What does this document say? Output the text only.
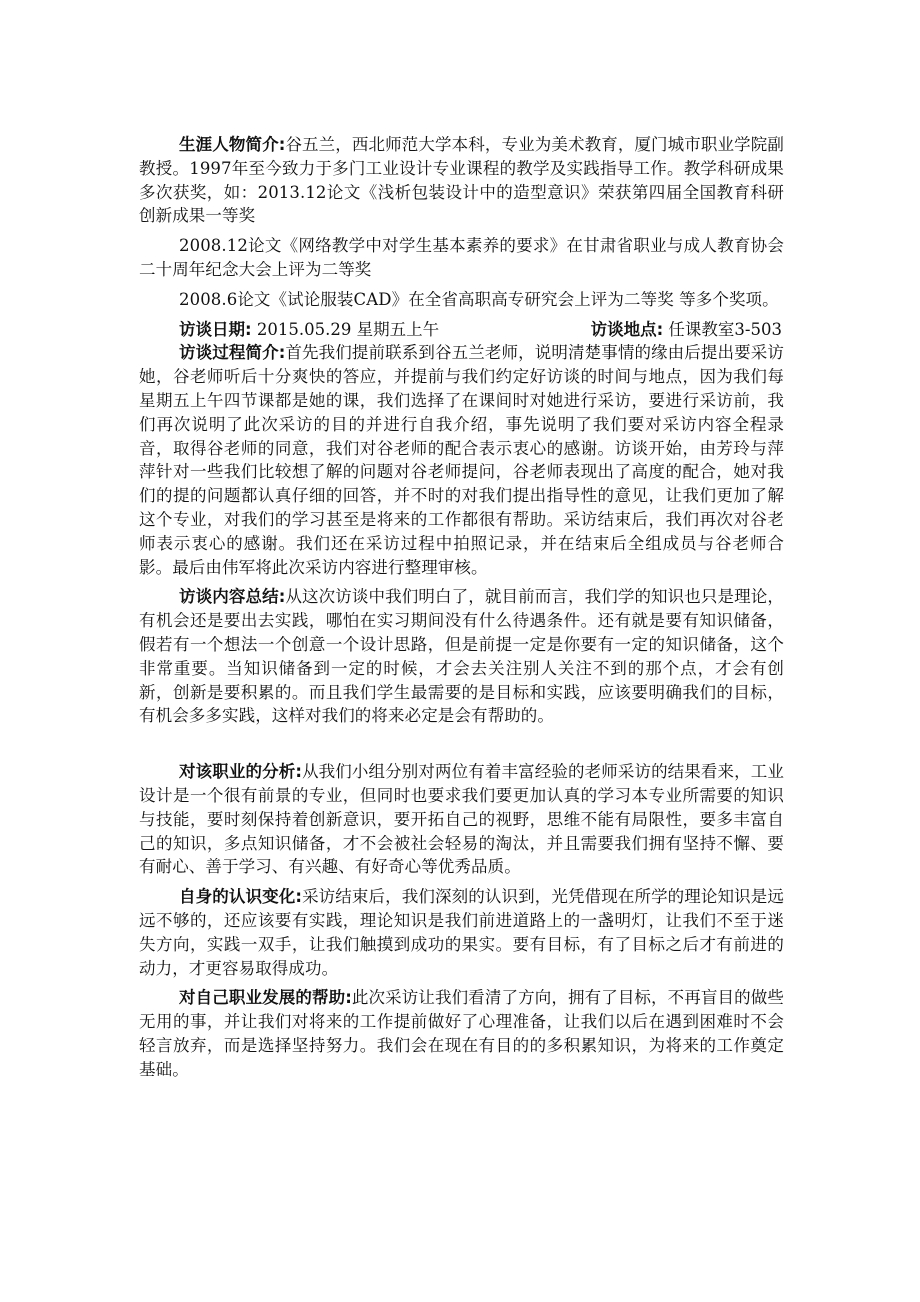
生涯人物简介:谷五兰，西北师范大学本科，专业为美术教育，厦门城市职业学院副教授。1997年至今致力于多门工业设计专业课程的教学及实践指导工作。教学科研成果多次获奖，如：2013.12论文《浅析包装设计中的造型意识》荣获第四届全国教育科研创新成果一等奖

2008.12论文《网络教学中对学生基本素养的要求》在甘肃省职业与成人教育协会二十周年纪念大会上评为二等奖

2008.6论文《试论服装CAD》在全省高职高专研究会上评为二等奖 等多个奖项。

访谈日期: 2015.05.29 星期五上午	访谈地点: 任课教室3-503

访谈过程简介:首先我们提前联系到谷五兰老师，说明清楚事情的缘由后提出要采访她，谷老师听后十分爽快的答应，并提前与我们约定好访谈的时间与地点，因为我们每星期五上午四节课都是她的课，我们选择了在课间时对她进行采访，要进行采访前，我们再次说明了此次采访的目的并进行自我介绍，事先说明了我们要对采访内容全程录音，取得谷老师的同意，我们对谷老师的配合表示衷心的感谢。访谈开始，由芳玲与萍萍针对一些我们比较想了解的问题对谷老师提问，谷老师表现出了高度的配合，她对我们的提的问题都认真仔细的回答，并不时的对我们提出指导性的意见，让我们更加了解这个专业，对我们的学习甚至是将来的工作都很有帮助。采访结束后，我们再次对谷老师表示衷心的感谢。我们还在采访过程中拍照记录，并在结束后全组成员与谷老师合影。最后由伟军将此次采访内容进行整理审核。

访谈内容总结:从这次访谈中我们明白了，就目前而言，我们学的知识也只是理论，有机会还是要出去实践，哪怕在实习期间没有什么待遇条件。还有就是要有知识储备，假若有一个想法一个创意一个设计思路，但是前提一定是你要有一定的知识储备，这个非常重要。当知识储备到一定的时候，才会去关注别人关注不到的那个点，才会有创新，创新是要积累的。而且我们学生最需要的是目标和实践，应该要明确我们的目标，有机会多多实践，这样对我们的将来必定是会有帮助的。

对该职业的分析:从我们小组分别对两位有着丰富经验的老师采访的结果看来，工业设计是一个很有前景的专业，但同时也要求我们要更加认真的学习本专业所需要的知识与技能，要时刻保持着创新意识，要开拓自己的视野，思维不能有局限性，要多丰富自己的知识，多点知识储备，才不会被社会轻易的淘汰，并且需要我们拥有坚持不懈、要有耐心、善于学习、有兴趣、有好奇心等优秀品质。

自身的认识变化:采访结束后，我们深刻的认识到，光凭借现在所学的理论知识是远远不够的，还应该要有实践，理论知识是我们前进道路上的一盏明灯，让我们不至于迷失方向，实践一双手，让我们触摸到成功的果实。要有目标，有了目标之后才有前进的动力，才更容易取得成功。

对自己职业发展的帮助:此次采访让我们看清了方向，拥有了目标，不再盲目的做些无用的事，并让我们对将来的工作提前做好了心理准备，让我们以后在遇到困难时不会轻言放弃，而是选择坚持努力。我们会在现在有目的的多积累知识，为将来的工作奠定基础。
